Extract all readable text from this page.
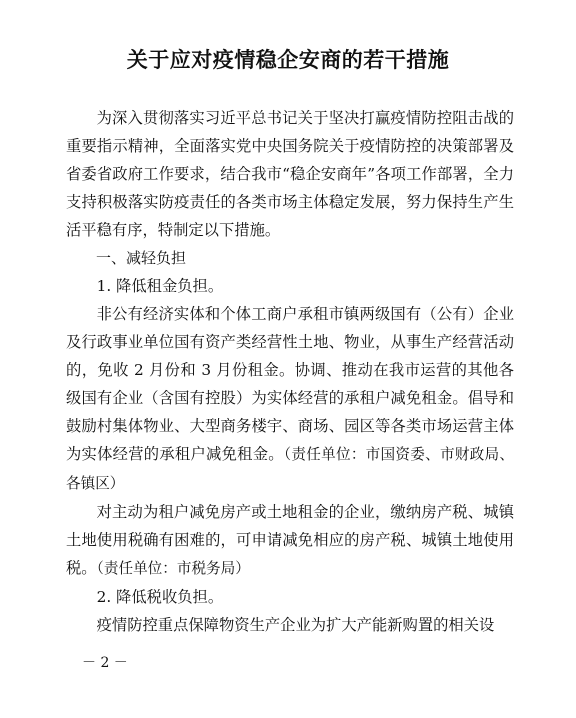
关于应对疫情稳企安商的若干措施

为深入贯彻落实习近平总书记关于坚决打赢疫情防控阻击战的重要指示精神，全面落实党中央国务院关于疫情防控的决策部署及省委省政府工作要求，结合我市“稳企安商年”各项工作部署，全力支持积极落实防疫责任的各类市场主体稳定发展，努力保持生产生活平稳有序，特制定以下措施。

一、减轻负担

1. 降低租金负担。

非公有经济实体和个体工商户承租市镇两级国有（公有）企业及行政事业单位国有资产类经营性土地、物业，从事生产经营活动的，免收 2 月份和 3 月份租金。协调、推动在我市运营的其他各级国有企业（含国有控股）为实体经营的承租户减免租金。倡导和鼓励村集体物业、大型商务楼宇、商场、园区等各类市场运营主体为实体经营的承租户减免租金。（责任单位：市国资委、市财政局、各镇区）

对主动为租户减免房产或土地租金的企业，缴纳房产税、城镇土地使用税确有困难的，可申请减免相应的房产税、城镇土地使用税。（责任单位：市税务局）

2. 降低税收负担。

疫情防控重点保障物资生产企业为扩大产能新购置的相关设

－ 2 －
